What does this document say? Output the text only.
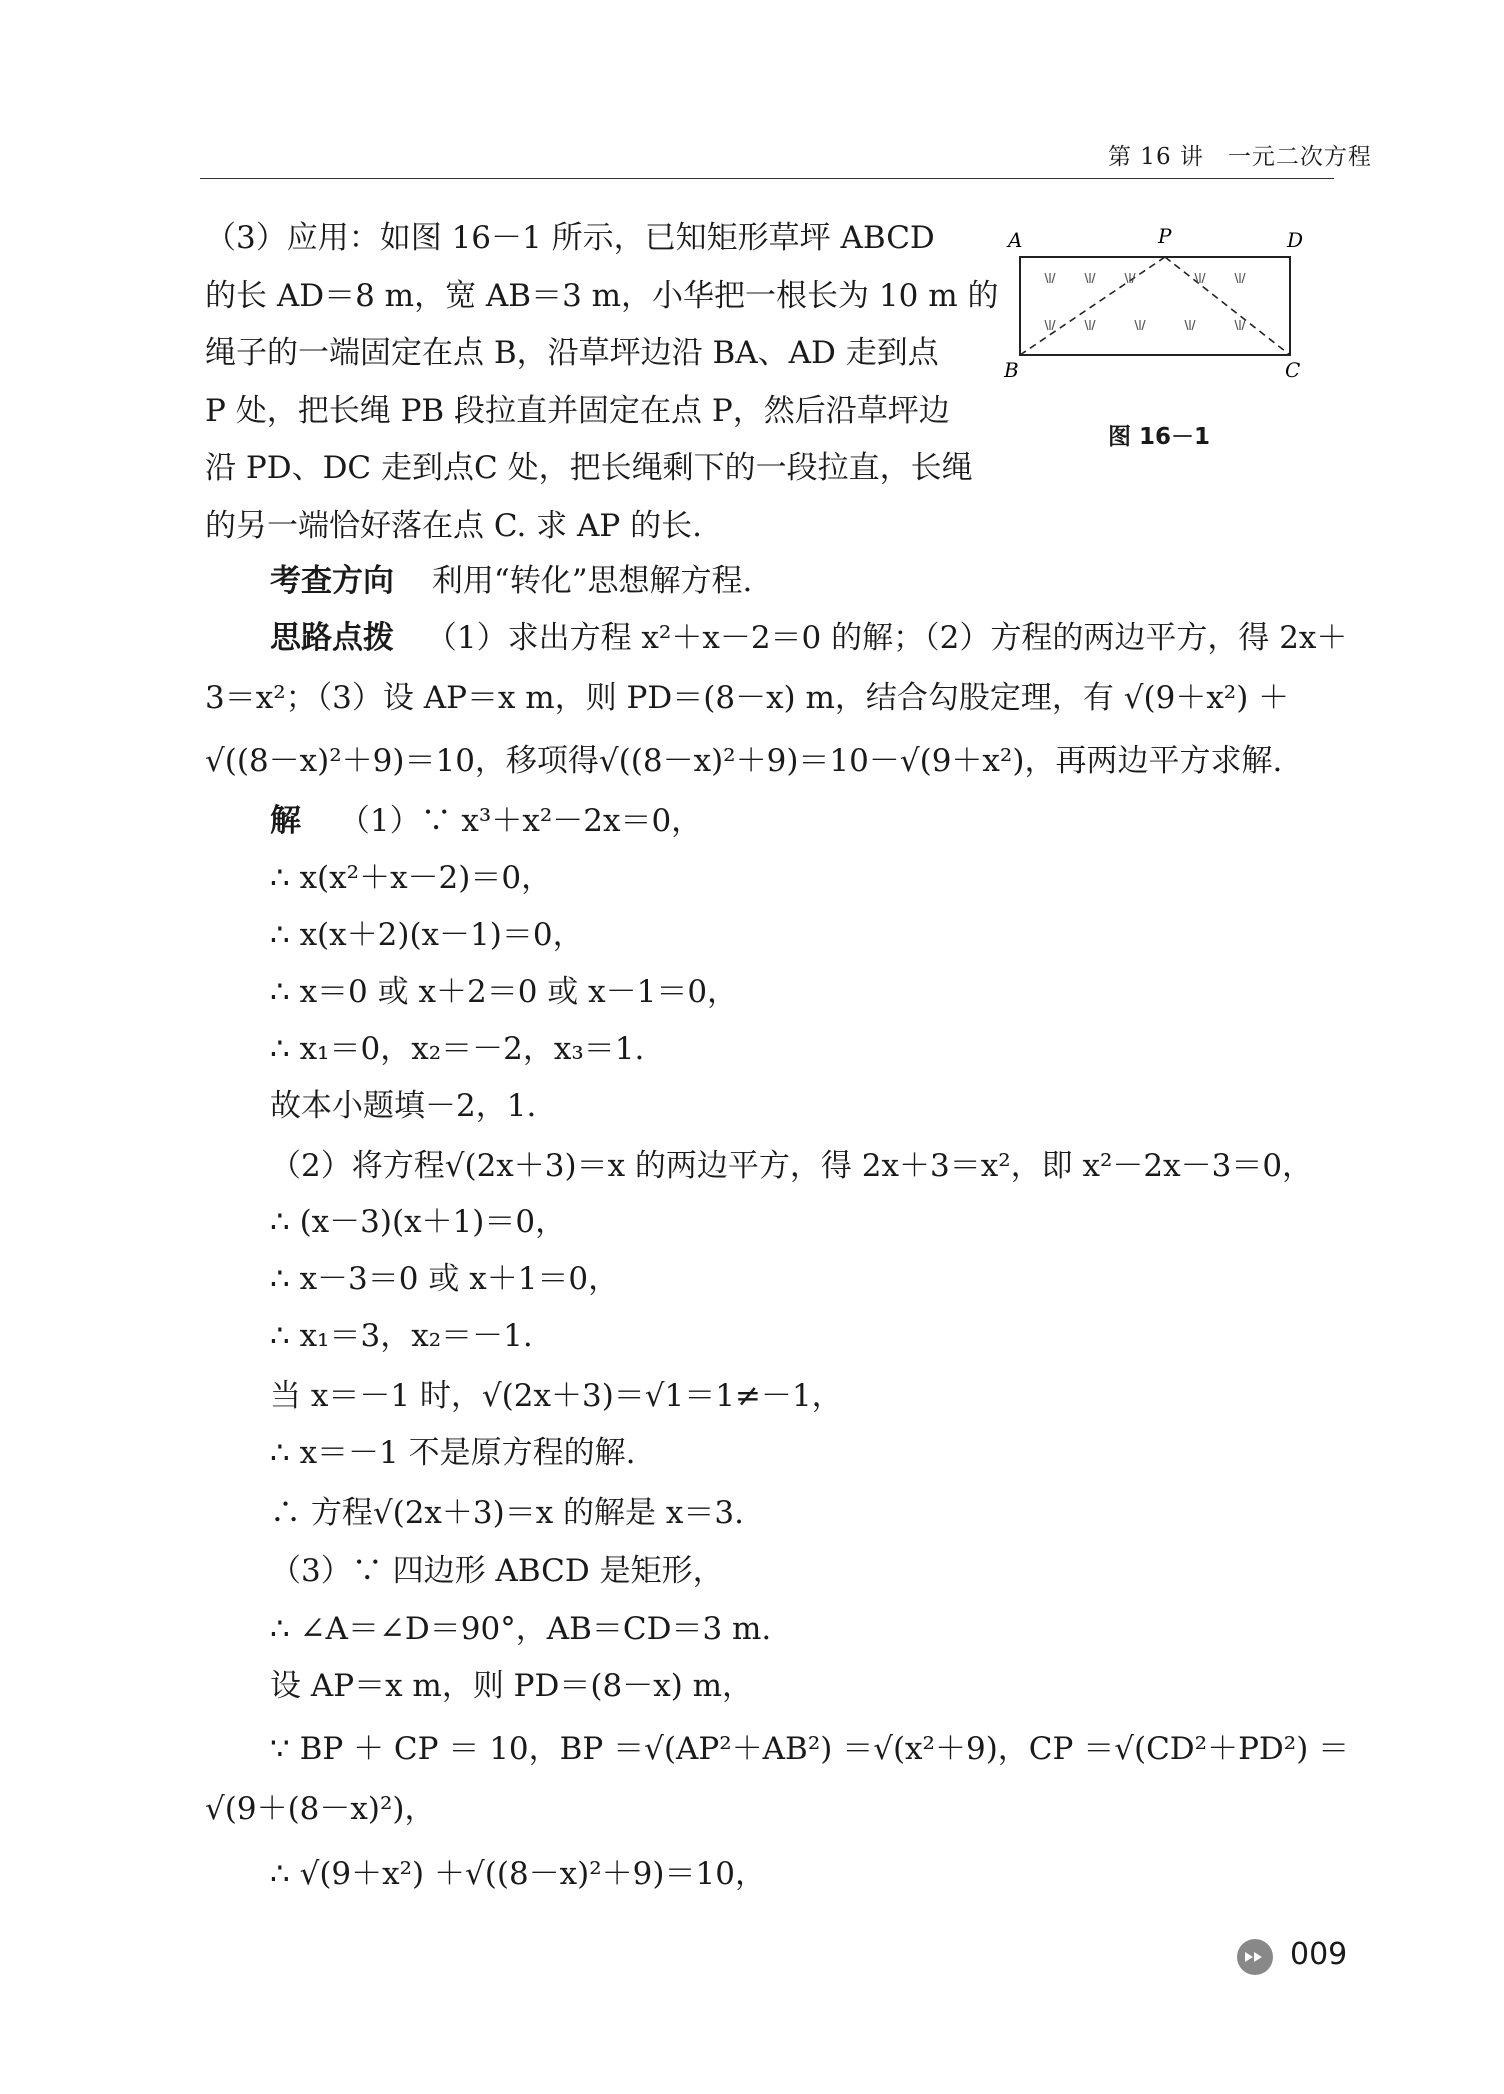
第 16 讲　一元二次方程
（3）应用：如图 16－1 所示，已知矩形草坪 ABCD
的长 AD＝8 m，宽 AB＝3 m，小华把一根长为 10 m 的
绳子的一端固定在点 B，沿草坪边沿 BA、AD 走到点
P 处，把长绳 PB 段拉直并固定在点 P，然后沿草坪边
沿 PD、DC 走到点C 处，把长绳剩下的一段拉直，长绳
的另一端恰好落在点 C. 求 AP 的长.
A	P	D
B	C
图 16－1
考查方向 利用“转化”思想解方程.
思路点拨 （1）求出方程 x²＋x－2＝0 的解；（2）方程的两边平方，得 2x＋
3＝x²；（3）设 AP＝x m，则 PD＝(8－x) m，结合勾股定理，有 √(9＋x²) ＋
√((8－x)²＋9)＝10，移项得√((8－x)²＋9)＝10－√(9＋x²)，再两边平方求解.
解 （1）∵ x³＋x²－2x＝0，
∴ x(x²＋x－2)＝0，
∴ x(x＋2)(x－1)＝0，
∴ x＝0 或 x＋2＝0 或 x－1＝0，
∴ x₁＝0，x₂＝－2，x₃＝1.
故本小题填－2，1.
（2）将方程√(2x＋3)＝x 的两边平方，得 2x＋3＝x²，即 x²－2x－3＝0，
∴ (x－3)(x＋1)＝0，
∴ x－3＝0 或 x＋1＝0，
∴ x₁＝3，x₂＝－1.
当 x＝－1 时，√(2x＋3)＝√1＝1≠－1，
∴ x＝－1 不是原方程的解.
∴ 方程√(2x＋3)＝x 的解是 x＝3.
（3）∵ 四边形 ABCD 是矩形，
∴ ∠A＝∠D＝90°，AB＝CD＝3 m.
设 AP＝x m，则 PD＝(8－x) m，
∵ BP ＋ CP ＝ 10，BP ＝√(AP²＋AB²) ＝√(x²＋9)，CP ＝√(CD²＋PD²) ＝
√(9＋(8－x)²)，
∴ √(9＋x²) ＋√((8－x)²＋9)＝10，
009
